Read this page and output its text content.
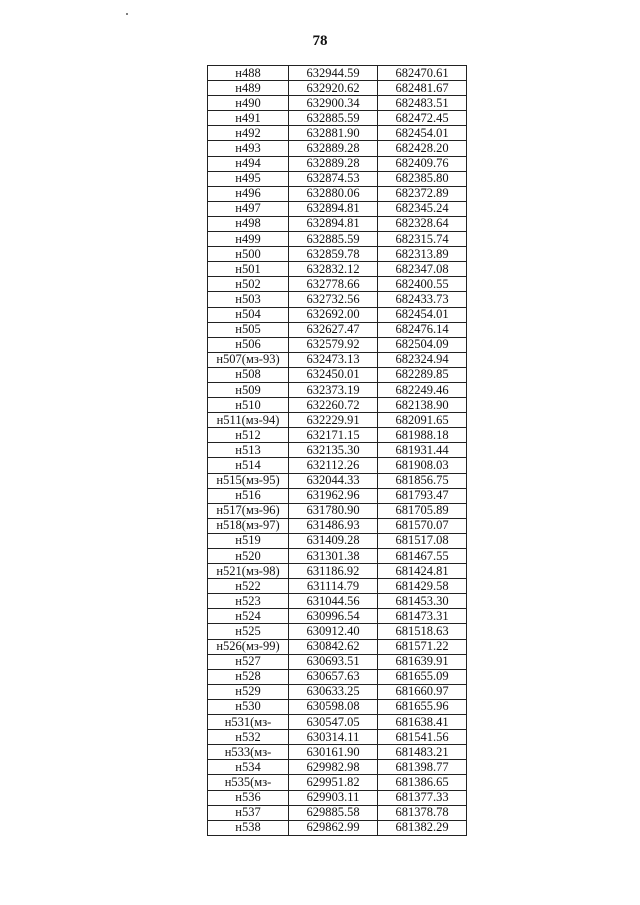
78
н488	632944.59	682470.61
н489	632920.62	682481.67
н490	632900.34	682483.51
н491	632885.59	682472.45
н492	632881.90	682454.01
н493	632889.28	682428.20
н494	632889.28	682409.76
н495	632874.53	682385.80
н496	632880.06	682372.89
н497	632894.81	682345.24
н498	632894.81	682328.64
н499	632885.59	682315.74
н500	632859.78	682313.89
н501	632832.12	682347.08
н502	632778.66	682400.55
н503	632732.56	682433.73
н504	632692.00	682454.01
н505	632627.47	682476.14
н506	632579.92	682504.09
н507(мз-93)	632473.13	682324.94
н508	632450.01	682289.85
н509	632373.19	682249.46
н510	632260.72	682138.90
н511(мз-94)	632229.91	682091.65
н512	632171.15	681988.18
н513	632135.30	681931.44
н514	632112.26	681908.03
н515(мз-95)	632044.33	681856.75
н516	631962.96	681793.47
н517(мз-96)	631780.90	681705.89
н518(мз-97)	631486.93	681570.07
н519	631409.28	681517.08
н520	631301.38	681467.55
н521(мз-98)	631186.92	681424.81
н522	631114.79	681429.58
н523	631044.56	681453.30
н524	630996.54	681473.31
н525	630912.40	681518.63
н526(мз-99)	630842.62	681571.22
н527	630693.51	681639.91
н528	630657.63	681655.09
н529	630633.25	681660.97
н530	630598.08	681655.96
н531(мз-	630547.05	681638.41
н532	630314.11	681541.56
н533(мз-	630161.90	681483.21
н534	629982.98	681398.77
н535(мз-	629951.82	681386.65
н536	629903.11	681377.33
н537	629885.58	681378.78
н538	629862.99	681382.29
